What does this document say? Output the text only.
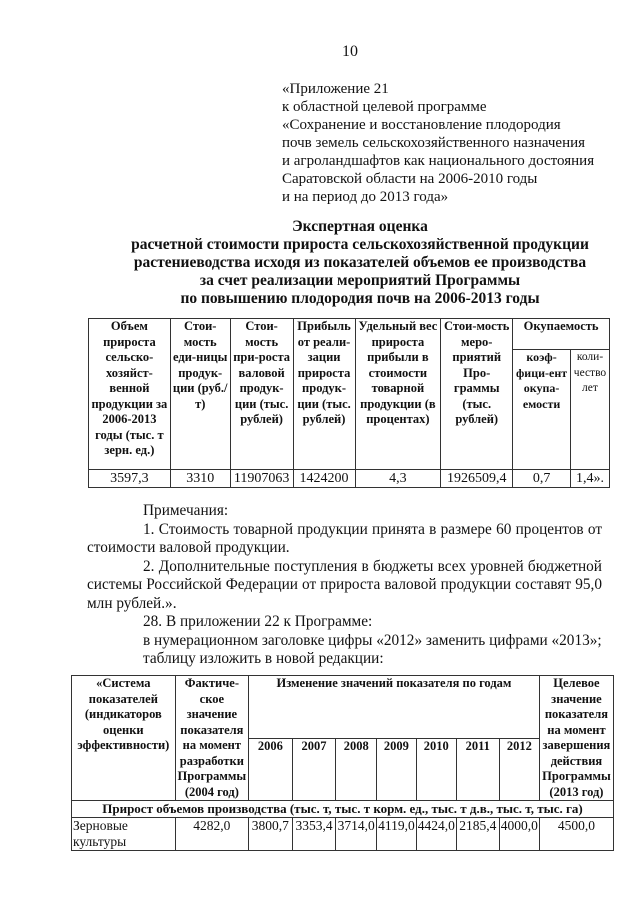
10
«Приложение 21
к областной целевой программе
«Сохранение и восстановление плодородия
почв земель сельскохозяйственного назначения
и агроландшафтов как национального достояния
Саратовской области на 2006-2010 годы
и на период до 2013 года»
Экспертная оценка
расчетной стоимости прироста сельскохозяйственной продукции
растениеводства исходя из показателей объемов ее производства
за счет реализации мероприятий Программы
по повышению плодородия почв на 2006-2013 годы
Объем прироста сельско-хозяйст-венной продукции за 2006-2013 годы (тыс. т зерн. ед.)	Стои-мость еди-ницы продук-ции (руб./т)	Стои-мость при-роста валовой продук-ции (тыс. рублей)	Прибыль от реали-зации прироста продук-ции (тыс. рублей)	Удельный вес прироста прибыли в стоимости товарной продукции (в процентах)	Стои-мость меро-приятий Про-граммы (тыс. рублей)	Окупаемость	
						коэф-фици-ент окупа-емости	коли-чество лет
3597,3	3310	11907063	1424200	4,3	1926509,4	0,7	1,4».

Примечания:

1. Стоимость товарной продукции принята в размере 60 процентов от стоимости валовой продукции.

2. Дополнительные поступления в бюджеты всех уровней бюджетной системы Российской Федерации от прироста валовой продукции составят 95,0 млн рублей.».

28. В приложении 22 к Программе:

в нумерационном заголовке цифры «2012» заменить цифрами «2013»;

таблицу изложить в новой редакции:

«Система показателей (индикаторов оценки эффективности)	Фактиче-ское значение показателя на момент разработки Программы (2004 год)	Изменение значений показателя по годам							Целевое значение показателя на момент завершения действия Программы (2013 год)
		2006	2007	2008	2009	2010	2011	2012	
Прирост объемов производства (тыс. т, тыс. т корм. ед., тыс. т д.в., тыс. т, тыс. га)									
Зерновые культуры	4282,0	3800,7	3353,4	3714,0	4119,0	4424,0	2185,4	4000,0	4500,0
